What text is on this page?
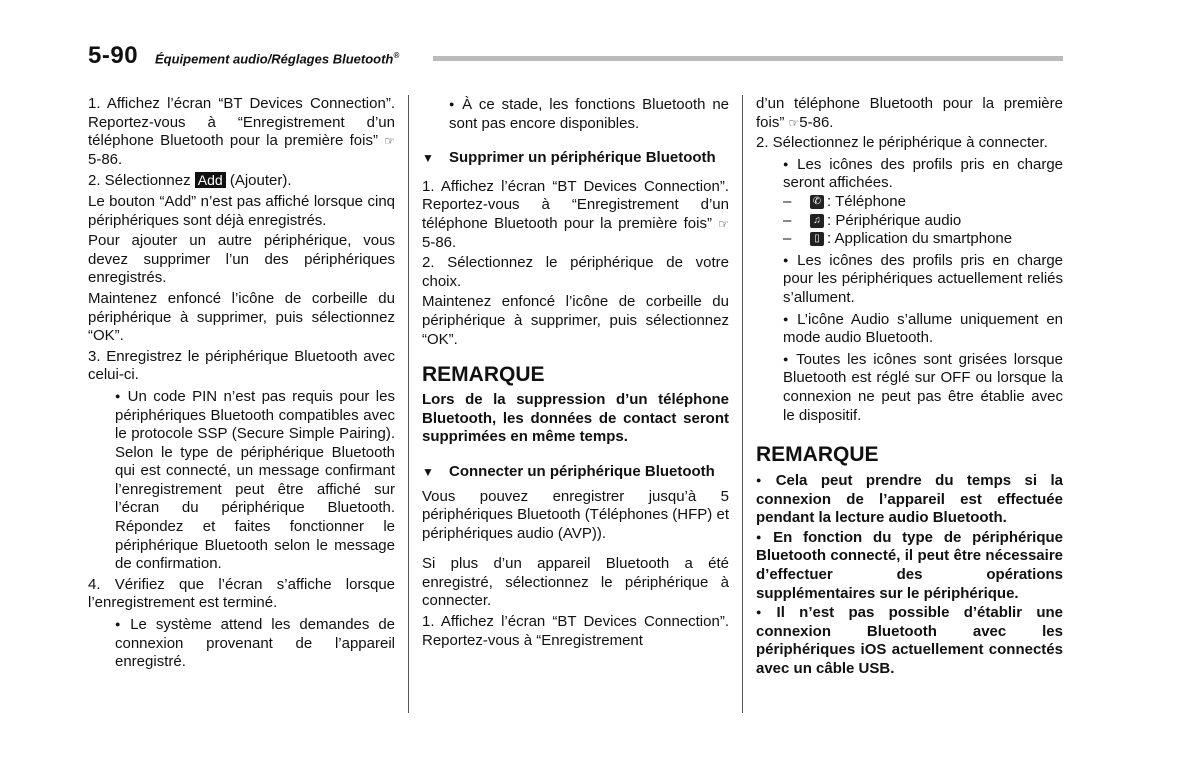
5-90 Équipement audio/Réglages Bluetooth®

1. Affichez l’écran “BT Devices Connection”. Reportez-vous à “Enregistrement d’un téléphone Bluetooth pour la première fois” ☞5-86.

2. Sélectionnez Add (Ajouter).

Le bouton “Add” n’est pas affiché lorsque cinq périphériques sont déjà enregistrés.

Pour ajouter un autre périphérique, vous devez supprimer l’un des périphériques enregistrés.

Maintenez enfoncé l’icône de corbeille du périphérique à supprimer, puis sélectionnez “OK”.

3. Enregistrez le périphérique Bluetooth avec celui-ci.

● Un code PIN n’est pas requis pour les périphériques Bluetooth compatibles avec le protocole SSP (Secure Simple Pairing). Selon le type de périphérique Bluetooth qui est connecté, un message confirmant l’enregistrement peut être affiché sur l’écran du périphérique Bluetooth. Répondez et faites fonctionner le périphérique Bluetooth selon le message de confirmation.

4. Vérifiez que l’écran s’affiche lorsque l’enregistrement est terminé.

● Le système attend les demandes de connexion provenant de l’appareil enregistré.

● À ce stade, les fonctions Bluetooth ne sont pas encore disponibles.

▼	Supprimer un périphérique Bluetooth

1. Affichez l’écran “BT Devices Connection”. Reportez-vous à “Enregistrement d’un téléphone Bluetooth pour la première fois” ☞5-86.

2. Sélectionnez le périphérique de votre choix.

Maintenez enfoncé l’icône de corbeille du périphérique à supprimer, puis sélectionnez “OK”.

REMARQUE

Lors de la suppression d’un téléphone Bluetooth, les données de contact seront supprimées en même temps.

▼	Connecter un périphérique Bluetooth

Vous pouvez enregistrer jusqu’à 5 périphériques Bluetooth (Téléphones (HFP) et périphériques audio (AVP)).

Si plus d’un appareil Bluetooth a été enregistré, sélectionnez le périphérique à connecter.

1. Affichez l’écran “BT Devices Connection”. Reportez-vous à “Enregistrement

d’un téléphone Bluetooth pour la première fois” ☞5-86.

2. Sélectionnez le périphérique à connecter.

● Les icônes des profils pris en charge seront affichées.

–	✆ : Téléphone
–	♫ : Périphérique audio
–	▯ : Application du smartphone

● Les icônes des profils pris en charge pour les périphériques actuellement reliés s’allument.

● L’icône Audio s’allume uniquement en mode audio Bluetooth.

● Toutes les icônes sont grisées lorsque Bluetooth est réglé sur OFF ou lorsque la connexion ne peut pas être établie avec le dispositif.

REMARQUE

● Cela peut prendre du temps si la connexion de l’appareil est effectuée pendant la lecture audio Bluetooth.

● En fonction du type de périphérique Bluetooth connecté, il peut être nécessaire d’effectuer des opérations supplémentaires sur le périphérique.

● Il n’est pas possible d’établir une connexion Bluetooth avec les périphériques iOS actuellement connectés avec un câble USB.
